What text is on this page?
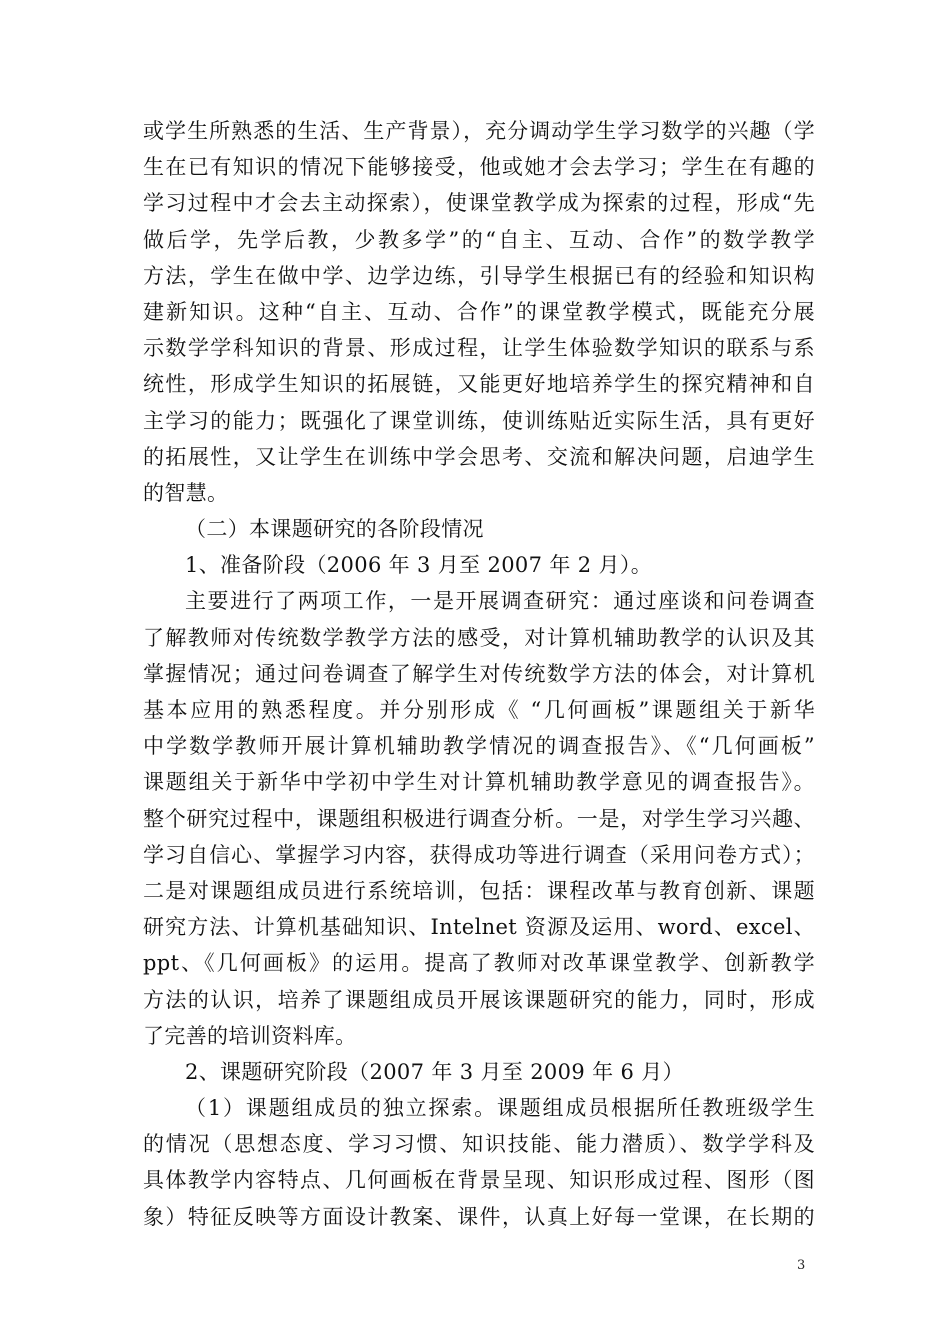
或学生所熟悉的生活、生产背景），充分调动学生学习数学的兴趣（学
生在已有知识的情况下能够接受，他或她才会去学习；学生在有趣的
学习过程中才会去主动探索），使课堂教学成为探索的过程，形成“先
做后学，先学后教，少教多学”的“自主、互动、合作”的数学教学
方法，学生在做中学、边学边练，引导学生根据已有的经验和知识构
建新知识。这种“自主、互动、合作”的课堂教学模式，既能充分展
示数学学科知识的背景、形成过程，让学生体验数学知识的联系与系
统性，形成学生知识的拓展链，又能更好地培养学生的探究精神和自
主学习的能力；既强化了课堂训练，使训练贴近实际生活，具有更好
的拓展性，又让学生在训练中学会思考、交流和解决问题，启迪学生
的智慧。
（二）本课题研究的各阶段情况
1、准备阶段（2006 年 3 月至 2007 年 2 月）。
主要进行了两项工作，一是开展调查研究：通过座谈和问卷调查
了解教师对传统数学教学方法的感受，对计算机辅助教学的认识及其
掌握情况；通过问卷调查了解学生对传统数学方法的体会，对计算机
基本应用的熟悉程度。并分别形成《 “几何画板”课题组关于新华
中学数学教师开展计算机辅助教学情况的调查报告》、《“几何画板”
课题组关于新华中学初中学生对计算机辅助教学意见的调查报告》。
整个研究过程中，课题组积极进行调查分析。一是，对学生学习兴趣、
学习自信心、掌握学习内容，获得成功等进行调查（采用问卷方式）；
二是对课题组成员进行系统培训，包括：课程改革与教育创新、课题
研究方法、计算机基础知识、Intelnet 资源及运用、word、excel、
ppt、《几何画板》的运用。提高了教师对改革课堂教学、创新教学
方法的认识，培养了课题组成员开展该课题研究的能力，同时，形成
了完善的培训资料库。
2、课题研究阶段（2007 年 3 月至 2009 年 6 月）
（1）课题组成员的独立探索。课题组成员根据所任教班级学生
的情况（思想态度、学习习惯、知识技能、能力潜质）、数学学科及
具体教学内容特点、几何画板在背景呈现、知识形成过程、图形（图
象）特征反映等方面设计教案、课件，认真上好每一堂课，在长期的
3
